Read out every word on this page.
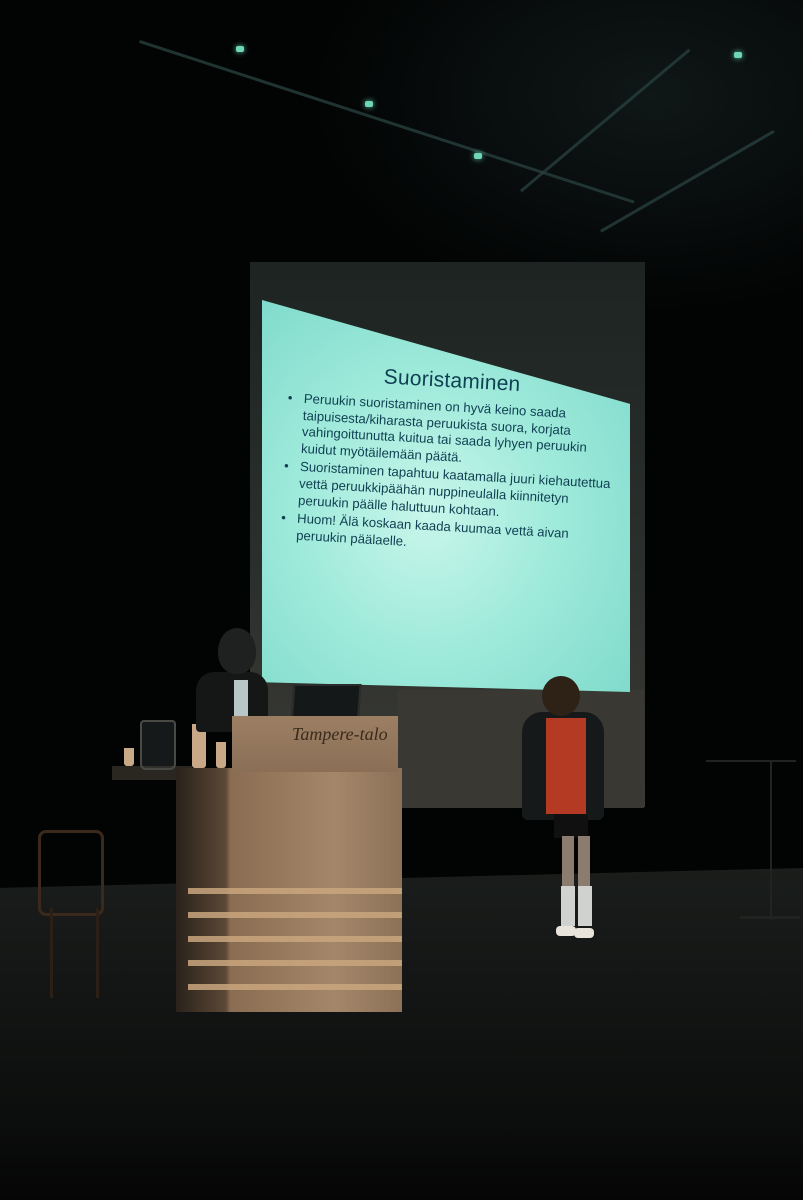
Suoristaminen
• Peruukin suoristaminen on hyvä keino saada taipuisesta/kiharasta peruukista suora, korjata vahingoittunutta kuitua tai saada lyhyen peruukin kuidut myötäilemään päätä.
• Suoristaminen tapahtuu kaatamalla juuri kiehautettua vettä peruukkipäähän nuppineulalla kiinnitetyn peruukin päälle haluttuun kohtaan.
• Huom! Älä koskaan kaada kuumaa vettä aivan peruukin päälaelle.
Tampere-talo
